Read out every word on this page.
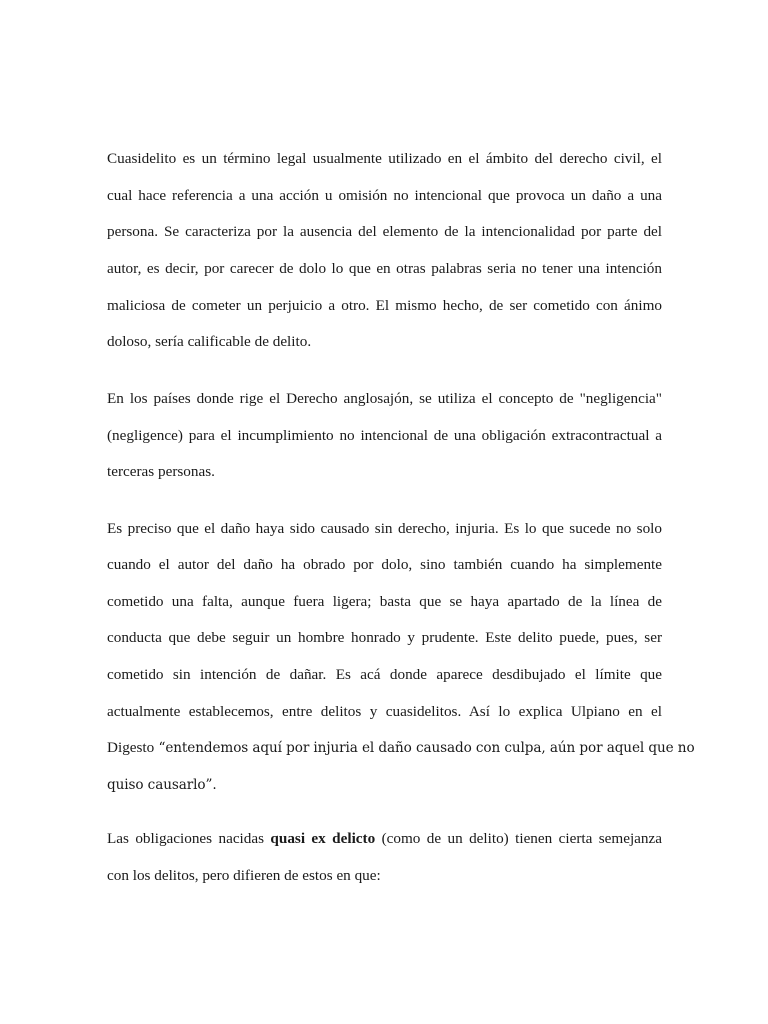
Cuasidelito es un término legal usualmente utilizado en el ámbito del derecho civil, el
cual hace referencia a una acción u omisión no intencional que provoca un daño a una
persona. Se caracteriza por la ausencia del elemento de la intencionalidad por parte del
autor, es decir, por carecer de dolo lo que en otras palabras seria no tener una intención
maliciosa de cometer un perjuicio a otro. El mismo hecho, de ser cometido con ánimo
doloso, sería calificable de delito.
En los países donde rige el Derecho anglosajón, se utiliza el concepto de "negligencia"
(negligence) para el incumplimiento no intencional de una obligación extracontractual a
terceras personas.
Es preciso que el daño haya sido causado sin derecho, injuria. Es lo que sucede no solo
cuando el autor del daño ha obrado por dolo, sino también cuando ha simplemente
cometido una falta, aunque fuera ligera; basta que se haya apartado de la línea de
conducta que debe seguir un hombre honrado y prudente. Este delito puede, pues, ser
cometido sin intención de dañar. Es acá donde aparece desdibujado el límite que
actualmente establecemos, entre delitos y cuasidelitos. Así lo explica Ulpiano en el
Digesto “entendemos aquí por injuria el daño causado con culpa, aún por aquel que no
quiso causarlo”.
Las obligaciones nacidas quasi ex delicto (como de un delito) tienen cierta semejanza
con los delitos, pero difieren de estos en que:
